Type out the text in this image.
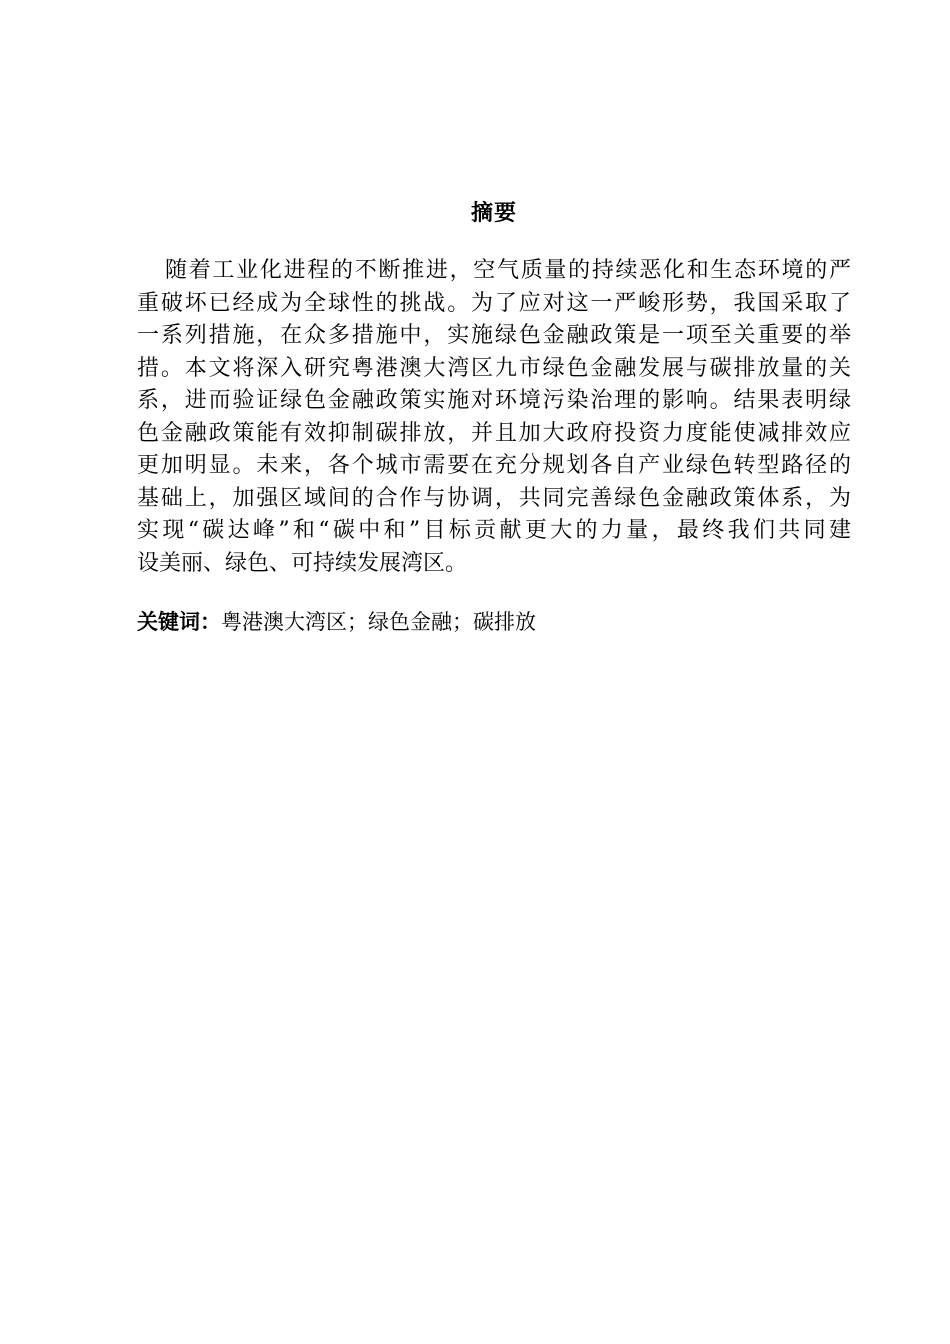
摘要
随着工业化进程的不断推进，空气质量的持续恶化和生态环境的严
重破坏已经成为全球性的挑战。为了应对这一严峻形势，我国采取了
一系列措施，在众多措施中，实施绿色金融政策是一项至关重要的举
措。本文将深入研究粤港澳大湾区九市绿色金融发展与碳排放量的关
系，进而验证绿色金融政策实施对环境污染治理的影响。结果表明绿
色金融政策能有效抑制碳排放，并且加大政府投资力度能使减排效应
更加明显。未来，各个城市需要在充分规划各自产业绿色转型路径的
基础上，加强区域间的合作与协调，共同完善绿色金融政策体系，为
实现“碳达峰”和“碳中和”目标贡献更大的力量，最终我们共同建
设美丽、绿色、可持续发展湾区。
关键词：粤港澳大湾区；绿色金融；碳排放
